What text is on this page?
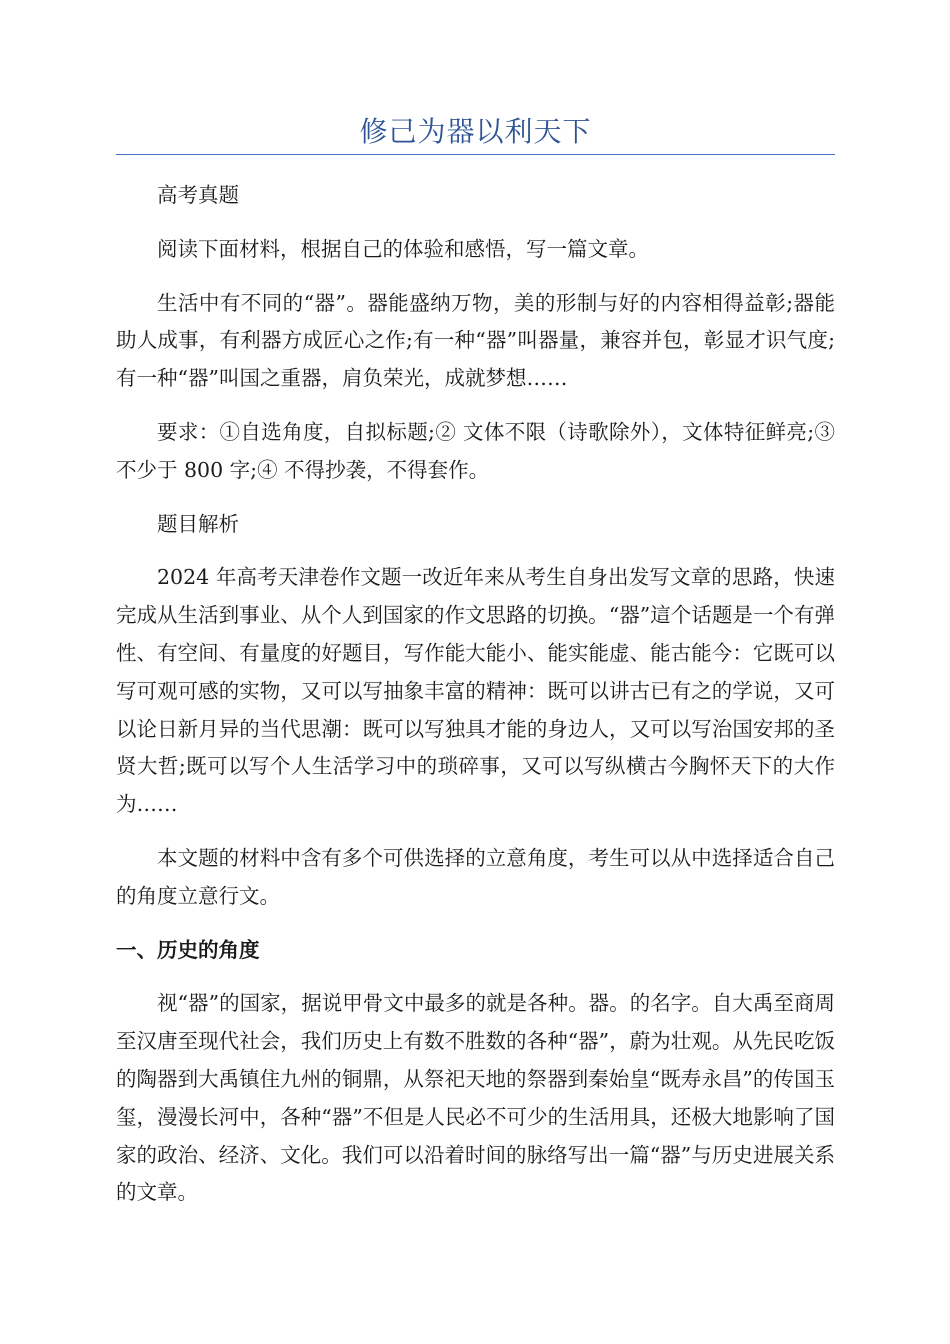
修己为器以利天下

高考真题

阅读下面材料，根据自己的体验和感悟，写一篇文章。

生活中有不同的“器”。器能盛纳万物，美的形制与好的内容相得益彰;器能助人成事，有利器方成匠心之作;有一种“器”叫器量，兼容并包，彰显才识气度;有一种“器”叫国之重器，肩负荣光，成就梦想……

要求：①自选角度，自拟标题;② 文体不限（诗歌除外），文体特征鲜亮;③ 不少于 800 字;④ 不得抄袭，不得套作。

题目解析

2024 年高考天津卷作文题一改近年来从考生自身出发写文章的思路，快速完成从生活到事业、从个人到国家的作文思路的切换。“器”這个话题是一个有弹性、有空间、有量度的好题目，写作能大能小、能实能虚、能古能今：它既可以写可观可感的实物，又可以写抽象丰富的精神：既可以讲古已有之的学说，又可以论日新月异的当代思潮：既可以写独具才能的身边人，又可以写治国安邦的圣贤大哲;既可以写个人生活学习中的琐碎事，又可以写纵横古今胸怀天下的大作为……

本文题的材料中含有多个可供选择的立意角度，考生可以从中选择适合自己的角度立意行文。

一、历史的角度

视“器”的国家，据说甲骨文中最多的就是各种。器。的名字。自大禹至商周至汉唐至现代社会，我们历史上有数不胜数的各种“器”，蔚为壮观。从先民吃饭的陶器到大禹镇住九州的铜鼎，从祭祀天地的祭器到秦始皇“既寿永昌”的传国玉玺，漫漫长河中，各种“器”不但是人民必不可少的生活用具，还极大地影响了国家的政治、经济、文化。我们可以沿着时间的脉络写出一篇“器”与历史进展关系的文章。
